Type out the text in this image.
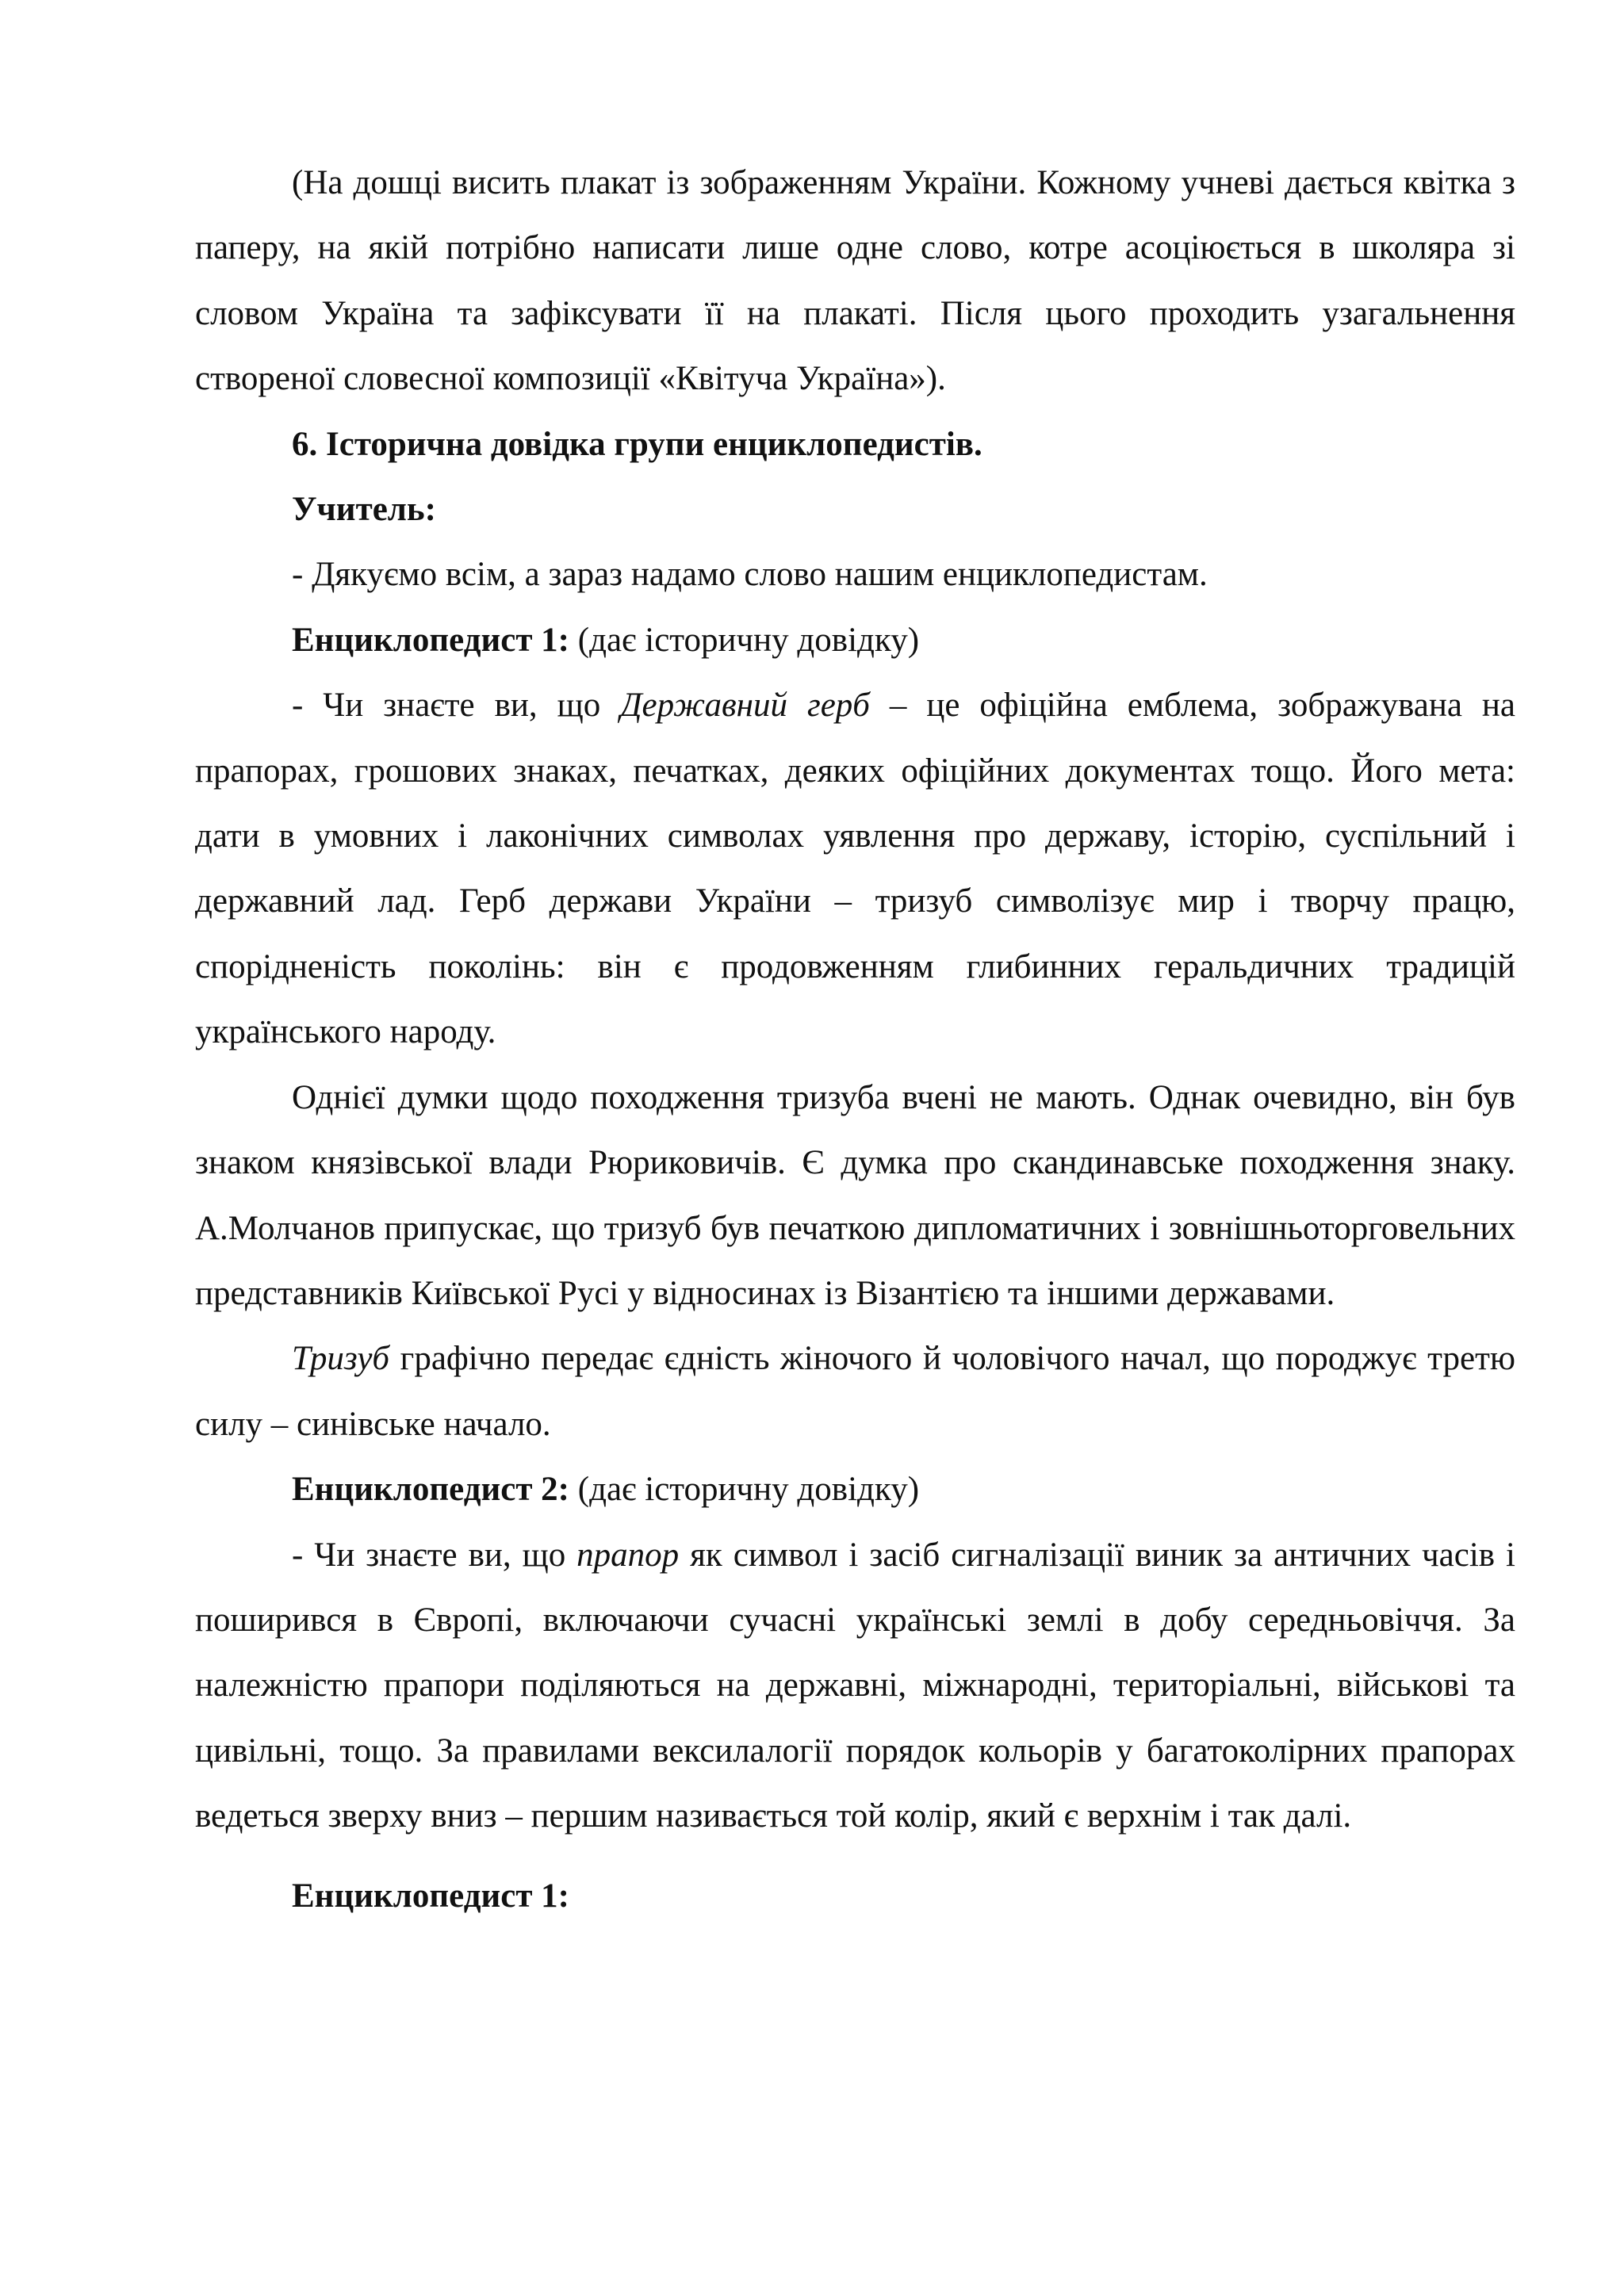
(На дошці висить плакат із зображенням України. Кожному учневі дається квітка з паперу, на якій потрібно написати лише одне слово, котре асоціюється в школяра зі словом Україна та зафіксувати її на плакаті. Після цього проходить узагальнення створеної словесної композиції «Квітуча Україна»).

6. Історична довідка групи енциклопедистів.

Учитель:

- Дякуємо всім, а зараз надамо слово нашим енциклопедистам.

Енциклопедист 1: (дає історичну довідку)

- Чи знаєте ви, що Державний герб – це офіційна емблема, зображувана на прапорах, грошових знаках, печатках, деяких офіційних документах тощо. Його мета: дати в умовних і лаконічних символах уявлення про державу, історію, суспільний і державний лад. Герб держави України – тризуб символізує мир і творчу працю, спорідненість поколінь: він є продовженням глибинних геральдичних традицій українського народу.

Однієї думки щодо походження тризуба вчені не мають. Однак очевидно, він був знаком князівської влади Рюриковичів. Є думка про скандинавське походження знаку. А.Молчанов припускає, що тризуб був печаткою дипломатичних і зовнішньоторговельних представників Київської Русі у відносинах із Візантією та іншими державами.

Тризуб графічно передає єдність жіночого й чоловічого начал, що породжує третю силу – синівське начало.

Енциклопедист 2: (дає історичну довідку)

- Чи знаєте ви, що прапор як символ і засіб сигналізації виник за античних часів і поширився в Європі, включаючи сучасні українські землі в добу середньовіччя. За належністю прапори поділяються на державні, міжнародні, територіальні, військові та цивільні, тощо. За правилами вексилалогії порядок кольорів у багатоколірних прапорах ведеться зверху вниз – першим називається той колір, який є верхнім і так далі.

Енциклопедист 1:
